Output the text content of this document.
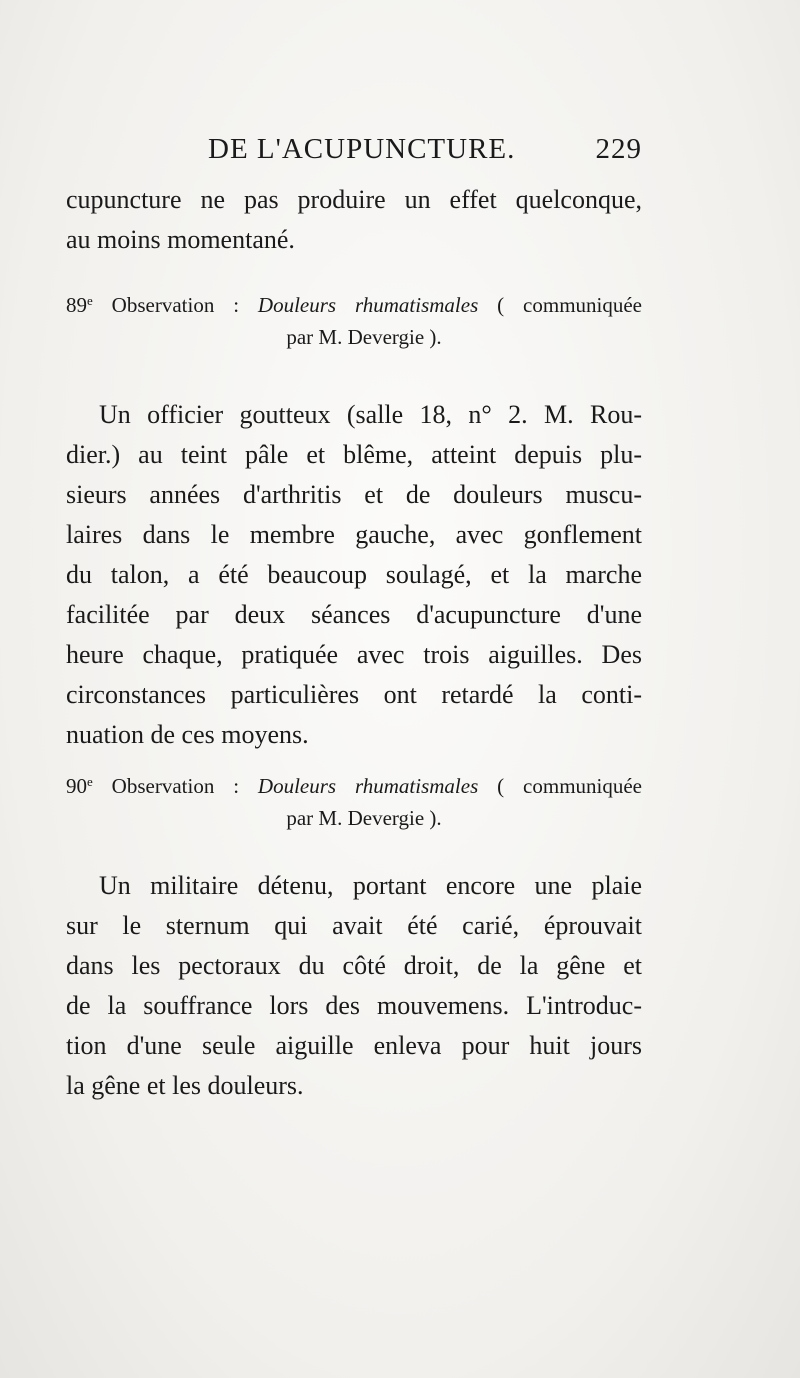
DE L'ACUPUNCTURE.	229
cupuncture ne pas produire un effet quelconque,
au moins momentané.
89e Observation : Douleurs rhumatismales ( communiquée
par M. Devergie ).
Un officier goutteux (salle 18, n° 2. M. Rou-
dier.) au teint pâle et blême, atteint depuis plu-
sieurs années d'arthritis et de douleurs muscu-
laires dans le membre gauche, avec gonflement
du talon, a été beaucoup soulagé, et la marche
facilitée par deux séances d'acupuncture d'une
heure chaque, pratiquée avec trois aiguilles. Des
circonstances particulières ont retardé la conti-
nuation de ces moyens.
90e Observation : Douleurs rhumatismales ( communiquée
par M. Devergie ).
Un militaire détenu, portant encore une plaie
sur le sternum qui avait été carié, éprouvait
dans les pectoraux du côté droit, de la gêne et
de la souffrance lors des mouvemens. L'introduc-
tion d'une seule aiguille enleva pour huit jours
la gêne et les douleurs.
